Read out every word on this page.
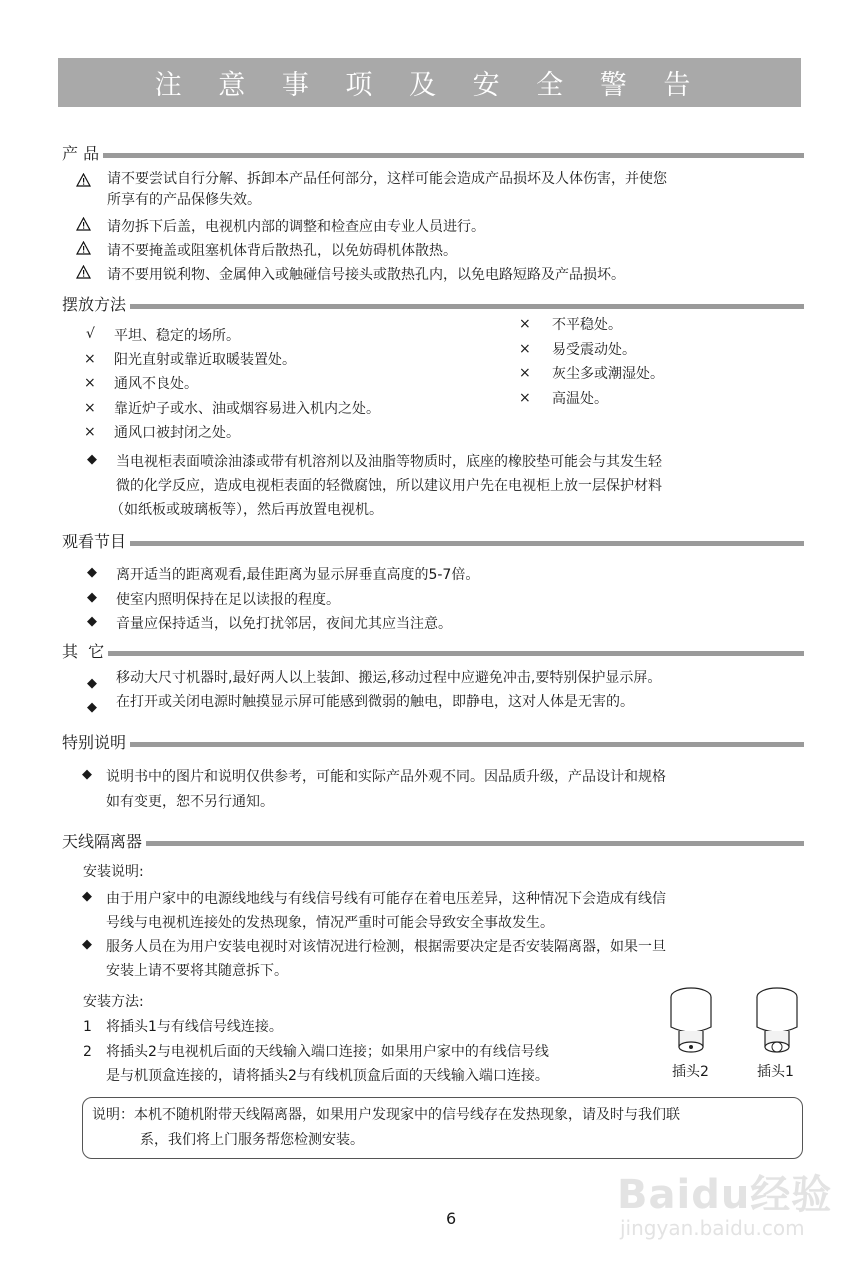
注 意 事 项 及 安 全 警 告
产 品
请不要尝试自行分解、拆卸本产品任何部分，这样可能会造成产品损坏及人体伤害，并使您
所享有的产品保修失效。
请勿拆下后盖，电视机内部的调整和检查应由专业人员进行。
请不要掩盖或阻塞机体背后散热孔，以免妨碍机体散热。
请不要用锐利物、金属伸入或触碰信号接头或散热孔内，以免电路短路及产品损坏。
摆放方法
√ 平坦、稳定的场所。
× 阳光直射或靠近取暖装置处。
× 通风不良处。
× 靠近炉子或水、油或烟容易进入机内之处。
× 通风口被封闭之处。
× 不平稳处。
× 易受震动处。
× 灰尘多或潮湿处。
× 高温处。
◆ 当电视柜表面喷涂油漆或带有机溶剂以及油脂等物质时，底座的橡胶垫可能会与其发生轻
微的化学反应，造成电视柜表面的轻微腐蚀，所以建议用户先在电视柜上放一层保护材料
（如纸板或玻璃板等），然后再放置电视机。
观看节目
◆ 离开适当的距离观看,最佳距离为显示屏垂直高度的5-7倍。
◆ 使室内照明保持在足以读报的程度。
◆ 音量应保持适当，以免打扰邻居，夜间尤其应当注意。
其  它
◆ 移动大尺寸机器时,最好两人以上装卸、搬运,移动过程中应避免冲击,要特别保护显示屏。
◆ 在打开或关闭电源时触摸显示屏可能感到微弱的触电，即静电，这对人体是无害的。
特别说明
◆ 说明书中的图片和说明仅供参考，可能和实际产品外观不同。因品质升级，产品设计和规格
如有变更，恕不另行通知。
天线隔离器
安装说明:
◆ 由于用户家中的电源线地线与有线信号线有可能存在着电压差异，这种情况下会造成有线信
号线与电视机连接处的发热现象，情况严重时可能会导致安全事故发生。
◆ 服务人员在为用户安装电视时对该情况进行检测，根据需要决定是否安装隔离器，如果一旦
安装上请不要将其随意拆下。
安装方法:
1 将插头1与有线信号线连接。
2 将插头2与电视机后面的天线输入端口连接；如果用户家中的有线信号线
是与机顶盒连接的，请将插头2与有线机顶盒后面的天线输入端口连接。	插头2	插头1
说明：本机不随机附带天线隔离器，如果用户发现家中的信号线存在发热现象，请及时与我们联
系，我们将上门服务帮您检测安装。
6
Baidu经验
jingyan.baidu.com
